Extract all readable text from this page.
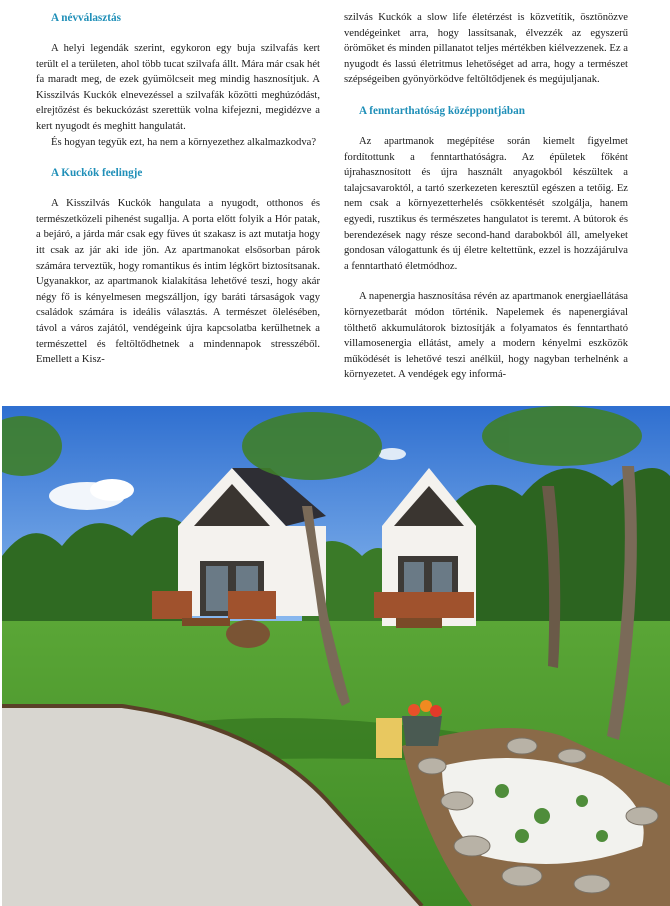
A névválasztás

A helyi legendák szerint, egykoron egy buja szilvafás kert terült el a területen, ahol több tucat szilvafa állt. Mára már csak hét fa maradt meg, de ezek gyümölcseit meg mindig hasznosítjuk. A Kisszilvás Kuckók elnevezéssel a szilvafák közötti meghúzódást, elrejtőzést és bekuckózást szerettük volna kifejezni, megidézve a kert nyugodt és meghitt hangulatát.

És hogyan tegyük ezt, ha nem a környezethez alkalmazkodva?

A Kuckók feelingje

A Kisszilvás Kuckók hangulata a nyugodt, otthonos és természetközeli pihenést sugallja. A porta előtt folyik a Hór patak, a bejáró, a járda már csak egy füves út szakasz is azt mutatja hogy itt csak az jár aki ide jön. Az apartmanokat elsősorban párok számára terveztük, hogy romantikus és intim légkört biztosítsanak. Ugyanakkor, az apartmanok kialakítása lehetővé teszi, hogy akár négy fő is kényelmesen megszálljon, így baráti társaságok vagy családok számára is ideális választás. A természet ölelésében, távol a város zajától, vendégeink újra kapcsolatba kerülhetnek a természettel és feltöltődhetnek a mindennapok stresszéből. Emellett a Kisz-

szilvás Kuckók a slow life életérzést is közvetítik, ösztönözve vendégeinket arra, hogy lassítsanak, élvezzék az egyszerű örömöket és minden pillanatot teljes mértékben kiélvezzenek. Ez a nyugodt és lassú életritmus lehetőséget ad arra, hogy a természet szépségeiben gyönyörködve feltöltődjenek és megújuljanak.

A fenntarthatóság középpontjában

Az apartmanok megépítése során kiemelt figyelmet fordítottunk a fenntarthatóságra. Az épületek főként újrahasznosított és újra használt anyagokból készültek a talajcsavaroktól, a tartó szerkezeten keresztül egészen a tetőig. Ez nem csak a környezetterhelés csökkentését szolgálja, hanem egyedi, rusztikus és természetes hangulatot is teremt. A bútorok és berendezések nagy része second-hand darabokból áll, amelyeket gondosan válogattunk és új életre keltettünk, ezzel is hozzájárulva a fenntartható életmódhoz.

A napenergia hasznosítása révén az apartmanok energiaellátása környezetbarát módon történik. Napelemek és napenergiával tölthető akkumulátorok biztosítják a folyamatos és fenntartható villamosenergia ellátást, amely a modern kényelmi eszközök működését is lehetővé teszi anélkül, hogy nagyban terhelnénk a környezetet. A vendégek egy informá-
